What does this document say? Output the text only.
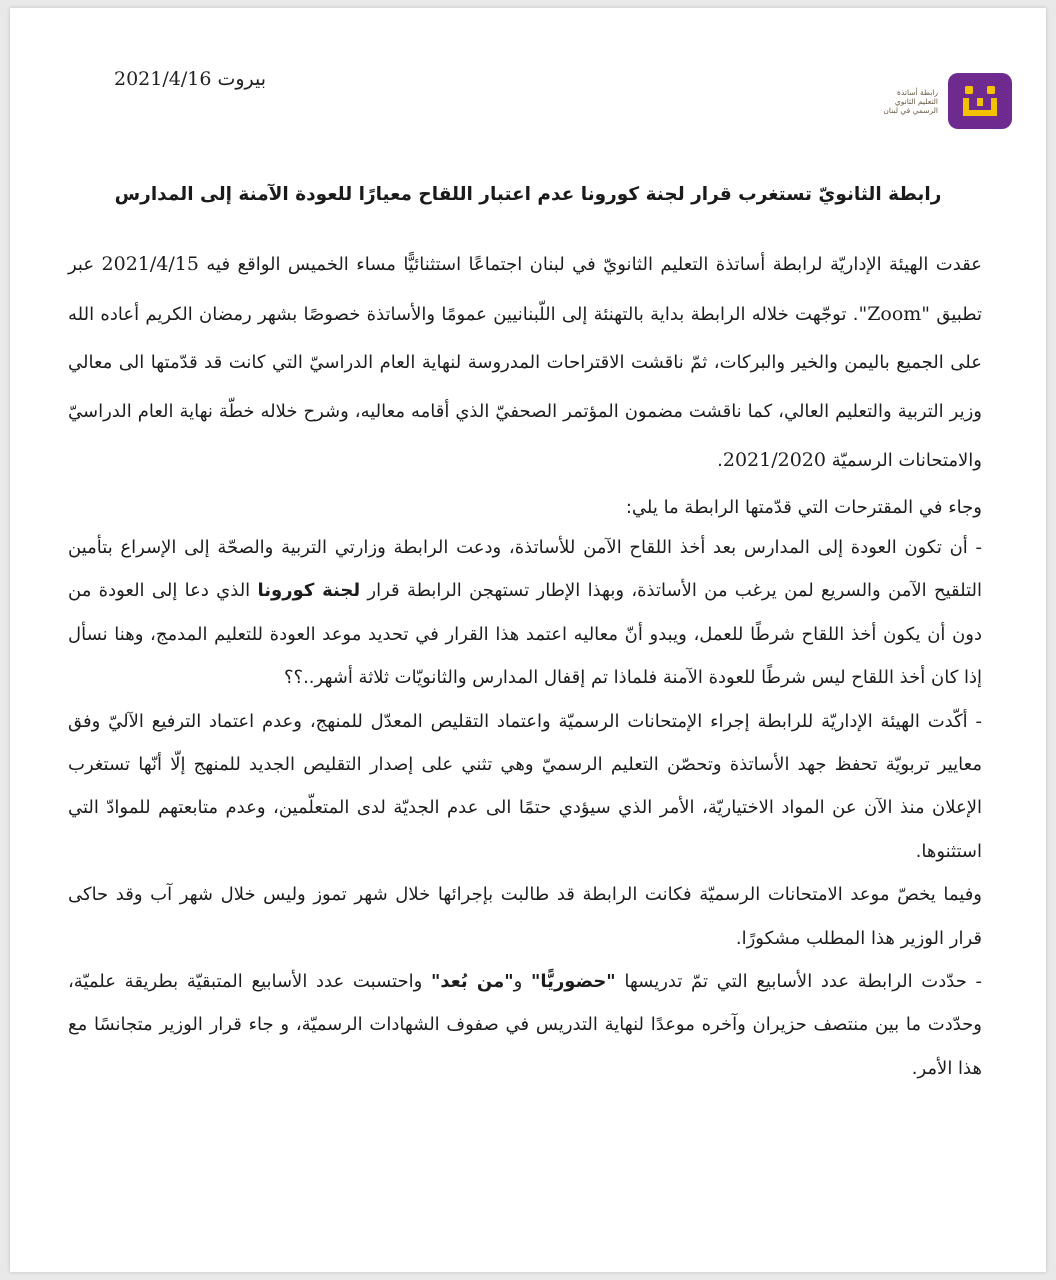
بيروت 2021/4/16
رابطة أساتذة التعليم الثانوي الرسمي في لبنان
رابطة الثانويّ تستغرب قرار لجنة كورونا عدم اعتبار اللقاح معيارًا للعودة الآمنة إلى المدارس

عقدت الهيئة الإداريّة لرابطة أساتذة التعليم الثانويّ في لبنان اجتماعًا استثنائيًّا مساء الخميس الواقع فيه 2021/4/15 عبر تطبيق "Zoom". توجّهت خلاله الرابطة بداية بالتهنئة إلى اللّبنانيين عمومًا والأساتذة خصوصًا بشهر رمضان الكريم أعاده الله على الجميع باليمن والخير والبركات، ثمّ ناقشت الاقتراحات المدروسة لنهاية العام الدراسيّ التي كانت قد قدّمتها الى معالي وزير التربية والتعليم العالي، كما ناقشت مضمون المؤتمر الصحفيّ الذي أقامه معاليه، وشرح خلاله خطّة نهاية العام الدراسيّ والامتحانات الرسميّة 2021/2020.

وجاء في المقترحات التي قدّمتها الرابطة ما يلي:

- أن تكون العودة إلى المدارس بعد أخذ اللقاح الآمن للأساتذة، ودعت الرابطة وزارتي التربية والصحّة إلى الإسراع بتأمين التلقيح الآمن والسريع لمن يرغب من الأساتذة، وبهذا الإطار تستهجن الرابطة قرار لجنة كورونا الذي دعا إلى العودة من دون أن يكون أخذ اللقاح شرطًا للعمل، ويبدو أنّ معاليه اعتمد هذا القرار في تحديد موعد العودة للتعليم المدمج، وهنا نسأل إذا كان أخذ اللقاح ليس شرطًا للعودة الآمنة فلماذا تم إقفال المدارس والثانويّات ثلاثة أشهر..؟؟

- أكّدت الهيئة الإداريّة للرابطة إجراء الإمتحانات الرسميّة واعتماد التقليص المعدّل للمنهج، وعدم اعتماد الترفيع الآليّ وفق معايير تربويّة تحفظ جهد الأساتذة وتحصّن التعليم الرسميّ وهي تثني على إصدار التقليص الجديد للمنهج إلّا أنّها تستغرب الإعلان منذ الآن عن المواد الاختياريّة، الأمر الذي سيؤدي حتمًا الى عدم الجديّة لدى المتعلّمين، وعدم متابعتهم للموادّ التي استثنوها.

وفيما يخصّ موعد الامتحانات الرسميّة فكانت الرابطة قد طالبت بإجرائها خلال شهر تموز وليس خلال شهر آب وقد حاكى قرار الوزير هذا المطلب مشكورًا.

- حدّدت الرابطة عدد الأسابيع التي تمّ تدريسها "حضوريًّا" و"من بُعد" واحتسبت عدد الأسابيع المتبقيّة بطريقة علميّة، وحدّدت ما بين منتصف حزيران وآخره موعدًا لنهاية التدريس في صفوف الشهادات الرسميّة، و جاء قرار الوزير متجانسًا مع هذا الأمر.
